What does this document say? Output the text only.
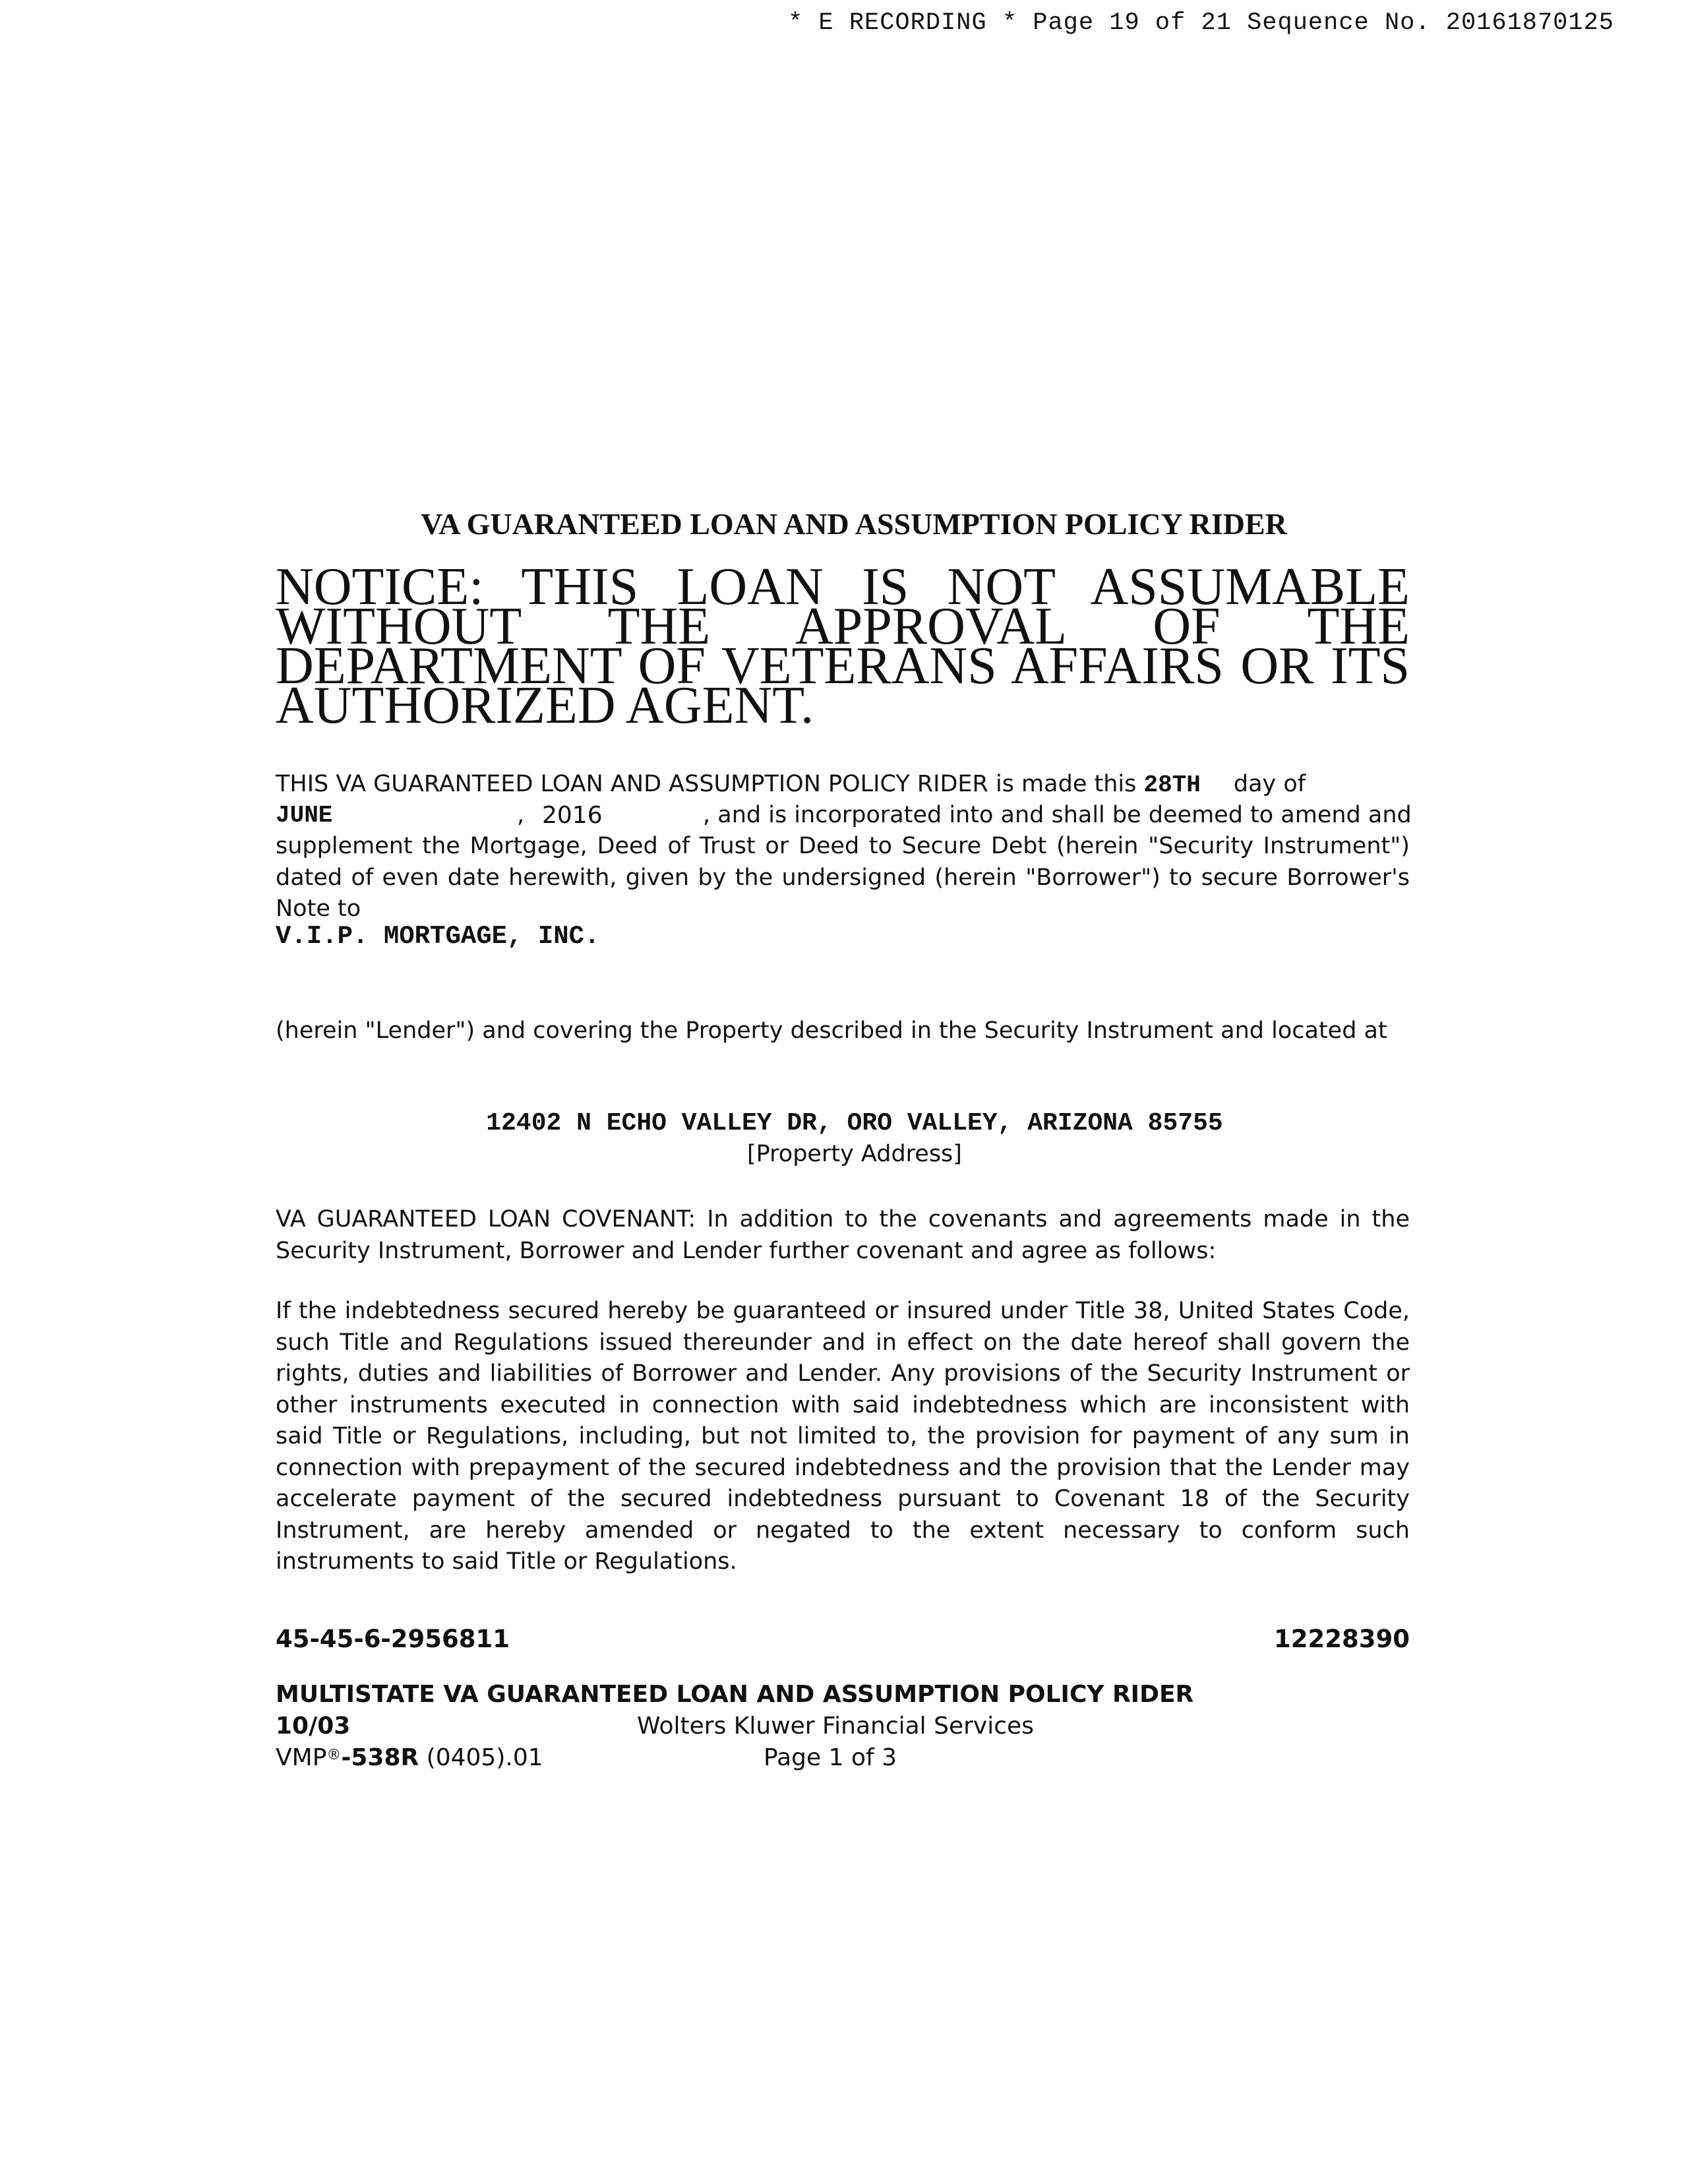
* E RECORDING * Page 19 of 21 Sequence No. 20161870125
VA GUARANTEED LOAN AND ASSUMPTION POLICY RIDER
NOTICE: THIS LOAN IS NOT ASSUMABLE WITHOUT THE APPROVAL OF THE DEPARTMENT OF VETERANS AFFAIRS OR ITS AUTHORIZED AGENT.
THIS VA GUARANTEED LOAN AND ASSUMPTION POLICY RIDER is made this 28TH day of
JUNE	, 2016	, and is incorporated into and shall be deemed to amend and
supplement the Mortgage, Deed of Trust or Deed to Secure Debt (herein "Security Instrument") dated of even date herewith, given by the undersigned (herein "Borrower") to secure Borrower's Note to
V.I.P. MORTGAGE, INC.
(herein "Lender") and covering the Property described in the Security Instrument and located at
12402 N ECHO VALLEY DR, ORO VALLEY, ARIZONA 85755
[Property Address]
VA GUARANTEED LOAN COVENANT: In addition to the covenants and agreements made in the Security Instrument, Borrower and Lender further covenant and agree as follows:
If the indebtedness secured hereby be guaranteed or insured under Title 38, United States Code, such Title and Regulations issued thereunder and in effect on the date hereof shall govern the rights, duties and liabilities of Borrower and Lender. Any provisions of the Security Instrument or other instruments executed in connection with said indebtedness which are inconsistent with said Title or Regulations, including, but not limited to, the provision for payment of any sum in connection with prepayment of the secured indebtedness and the provision that the Lender may accelerate payment of the secured indebtedness pursuant to Covenant 18 of the Security Instrument, are hereby amended or negated to the extent necessary to conform such instruments to said Title or Regulations.
45-45-6-2956811	12228390
MULTISTATE VA GUARANTEED LOAN AND ASSUMPTION POLICY RIDER
10/03	Wolters Kluwer Financial Services
VMP®-538R (0405).01	Page 1 of 3
